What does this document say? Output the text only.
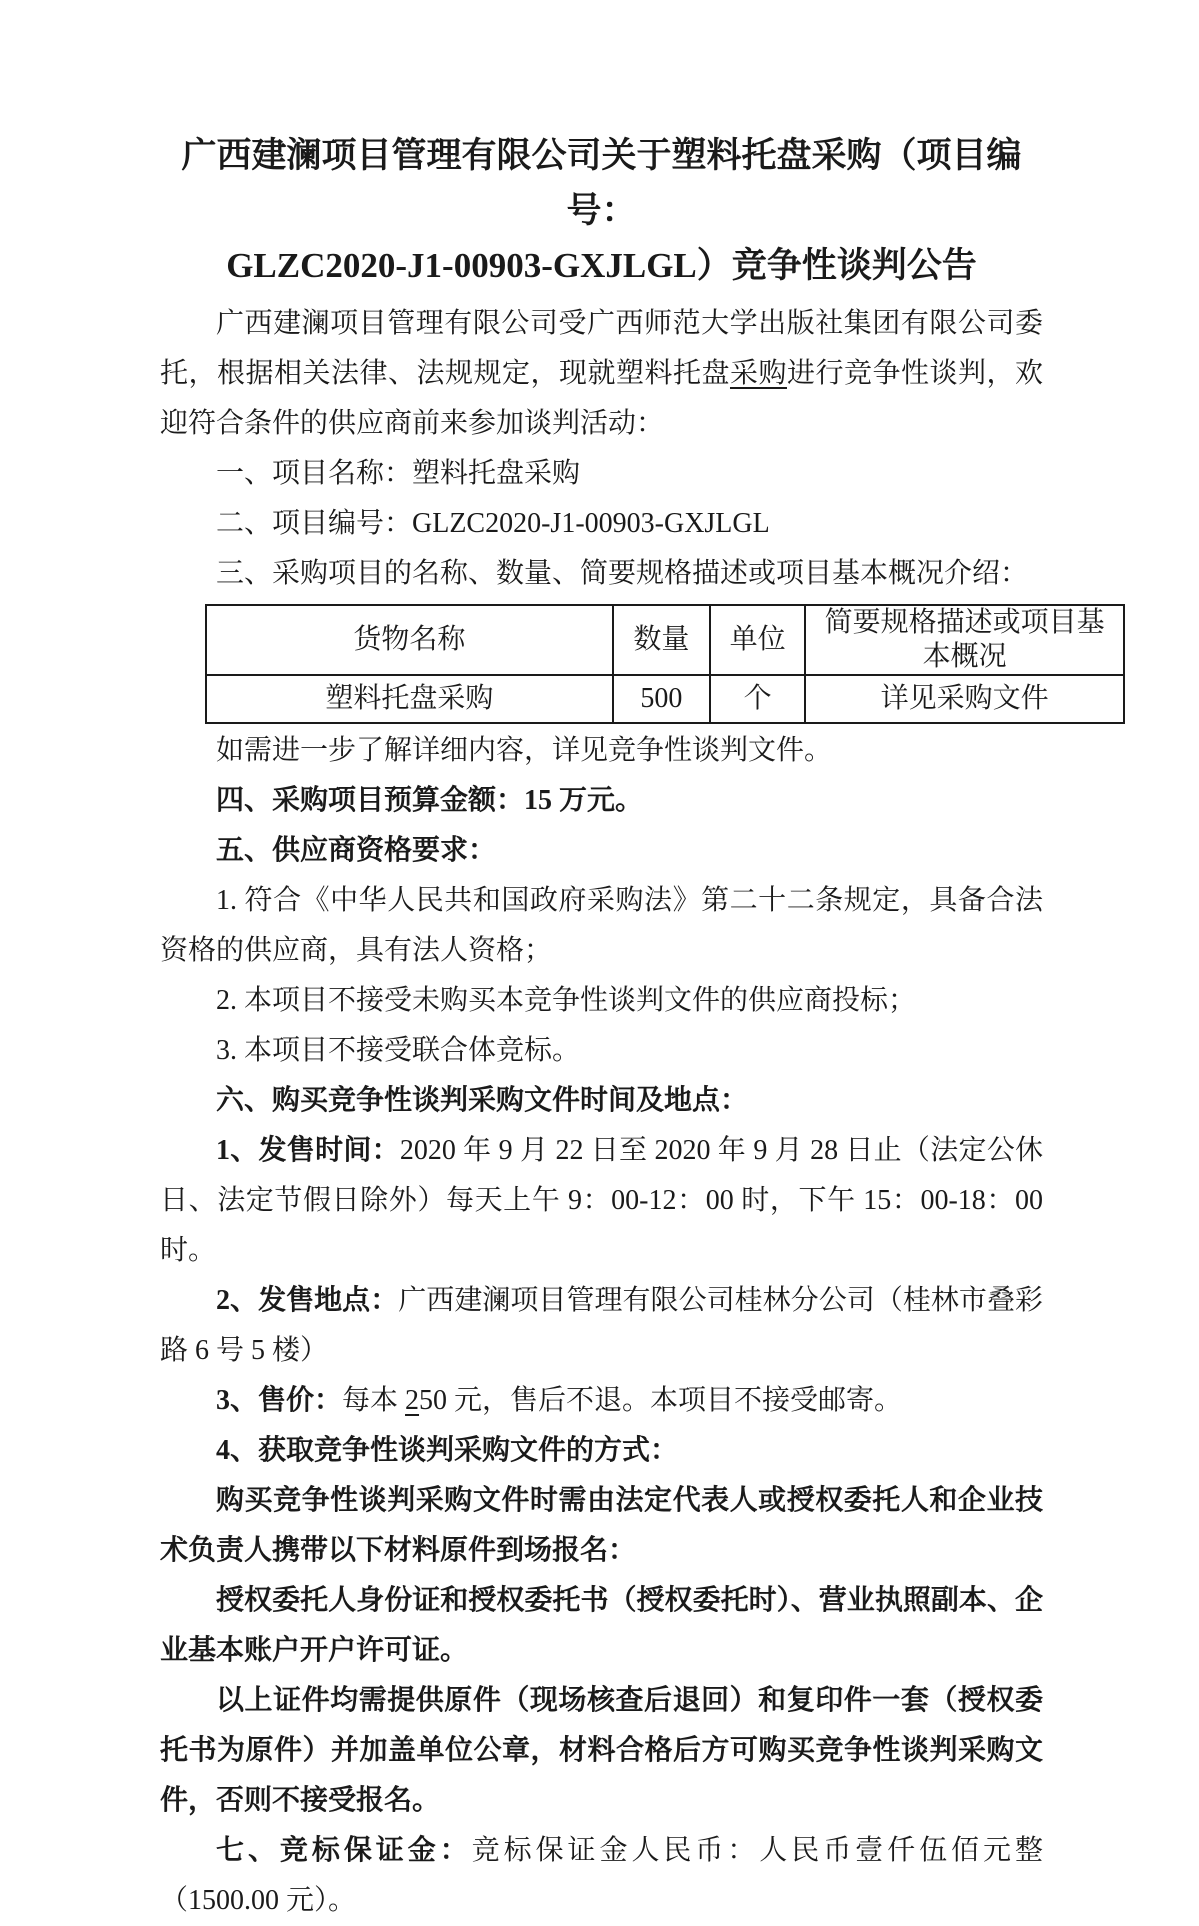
广西建澜项目管理有限公司关于塑料托盘采购（项目编号：
GLZC2020-J1-00903-GXJLGL）竞争性谈判公告

广西建澜项目管理有限公司受广西师范大学出版社集团有限公司委托，根据相关法律、法规规定，现就塑料托盘采购进行竞争性谈判，欢迎符合条件的供应商前来参加谈判活动：

一、项目名称：塑料托盘采购

二、项目编号：GLZC2020-J1-00903-GXJLGL

三、采购项目的名称、数量、简要规格描述或项目基本概况介绍：

货物名称	数量	单位	简要规格描述或项目基本概况
塑料托盘采购	500	个	详见采购文件

如需进一步了解详细内容，详见竞争性谈判文件。

四、采购项目预算金额：15 万元。

五、供应商资格要求：

1. 符合《中华人民共和国政府采购法》第二十二条规定，具备合法资格的供应商，具有法人资格；

2. 本项目不接受未购买本竞争性谈判文件的供应商投标；

3. 本项目不接受联合体竞标。

六、购买竞争性谈判采购文件时间及地点：

1、发售时间：2020 年 9 月 22 日至 2020 年 9 月 28 日止（法定公休日、法定节假日除外）每天上午 9：00-12：00 时，下午 15：00-18：00 时。

2、发售地点：广西建澜项目管理有限公司桂林分公司（桂林市叠彩路 6 号 5 楼）

3、售价：每本 250 元，售后不退。本项目不接受邮寄。

4、获取竞争性谈判采购文件的方式：

购买竞争性谈判采购文件时需由法定代表人或授权委托人和企业技术负责人携带以下材料原件到场报名：

授权委托人身份证和授权委托书（授权委托时）、营业执照副本、企业基本账户开户许可证。

以上证件均需提供原件（现场核查后退回）和复印件一套（授权委托书为原件）并加盖单位公章，材料合格后方可购买竞争性谈判采购文件，否则不接受报名。

七、竞标保证金：竞标保证金人民币：人民币壹仟伍佰元整（1500.00 元）。
